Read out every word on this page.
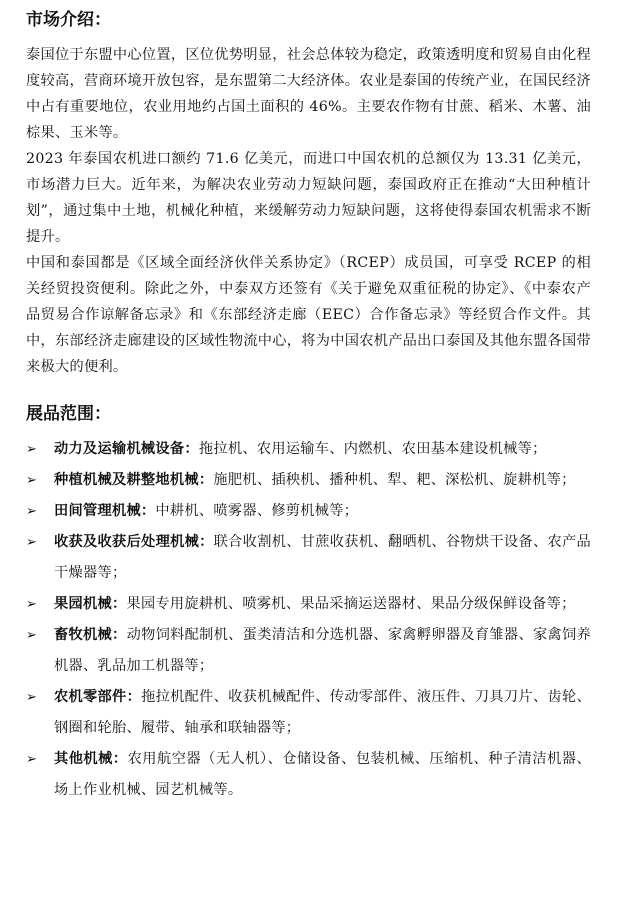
市场介绍：

泰国位于东盟中心位置，区位优势明显，社会总体较为稳定，政策透明度和贸易自由化程度较高，营商环境开放包容，是东盟第二大经济体。农业是泰国的传统产业，在国民经济中占有重要地位，农业用地约占国土面积的 46%。主要农作物有甘蔗、稻米、木薯、油棕果、玉米等。

2023 年泰国农机进口额约 71.6 亿美元，而进口中国农机的总额仅为 13.31 亿美元，市场潜力巨大。近年来，为解决农业劳动力短缺问题，泰国政府正在推动“大田种植计划”，通过集中土地，机械化种植，来缓解劳动力短缺问题，这将使得泰国农机需求不断提升。

中国和泰国都是《区域全面经济伙伴关系协定》（RCEP）成员国，可享受 RCEP 的相关经贸投资便利。除此之外，中泰双方还签有《关于避免双重征税的协定》、《中泰农产品贸易合作谅解备忘录》和《东部经济走廊（EEC）合作备忘录》等经贸合作文件。其中，东部经济走廊建设的区域性物流中心，将为中国农机产品出口泰国及其他东盟各国带来极大的便利。

展品范围：
➢	动力及运输机械设备：拖拉机、农用运输车、内燃机、农田基本建设机械等；
➢	种植机械及耕整地机械：施肥机、插秧机、播种机、犁、耙、深松机、旋耕机等；
➢	田间管理机械：中耕机、喷雾器、修剪机械等；
➢	收获及收获后处理机械：联合收割机、甘蔗收获机、翻晒机、谷物烘干设备、农产品干燥器等；
➢	果园机械：果园专用旋耕机、喷雾机、果品采摘运送器材、果品分级保鲜设备等；
➢	畜牧机械：动物饲料配制机、蛋类清洁和分选机器、家禽孵卵器及育雏器、家禽饲养机器、乳品加工机器等；
➢	农机零部件：拖拉机配件、收获机械配件、传动零部件、液压件、刀具刀片、齿轮、钢圈和轮胎、履带、轴承和联轴器等；
➢	其他机械：农用航空器（无人机）、仓储设备、包装机械、压缩机、种子清洁机器、场上作业机械、园艺机械等。
